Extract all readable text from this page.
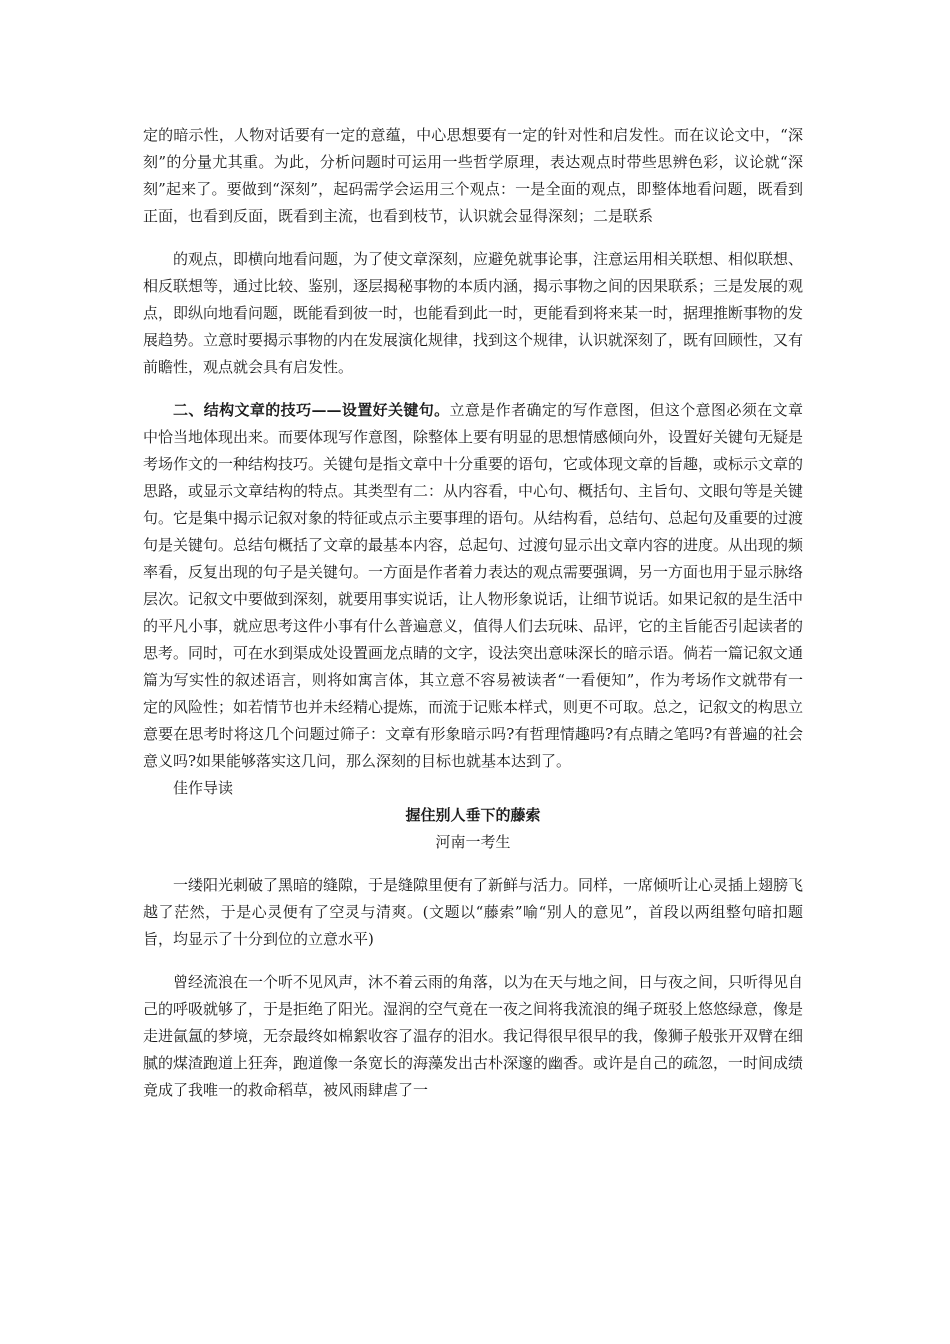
定的暗示性，人物对话要有一定的意蕴，中心思想要有一定的针对性和启发性。而在议论文中，“深刻”的分量尤其重。为此，分析问题时可运用一些哲学原理，表达观点时带些思辨色彩，议论就“深刻”起来了。要做到“深刻”，起码需学会运用三个观点：一是全面的观点，即整体地看问题，既看到正面，也看到反面，既看到主流，也看到枝节，认识就会显得深刻；二是联系

的观点，即横向地看问题，为了使文章深刻，应避免就事论事，注意运用相关联想、相似联想、相反联想等，通过比较、鉴别，逐层揭秘事物的本质内涵，揭示事物之间的因果联系；三是发展的观点，即纵向地看问题，既能看到彼一时，也能看到此一时，更能看到将来某一时，据理推断事物的发展趋势。立意时要揭示事物的内在发展演化规律，找到这个规律，认识就深刻了，既有回顾性，又有前瞻性，观点就会具有启发性。

二、结构文章的技巧——设置好关键句。立意是作者确定的写作意图，但这个意图必须在文章中恰当地体现出来。而要体现写作意图，除整体上要有明显的思想情感倾向外，设置好关键句无疑是考场作文的一种结构技巧。关键句是指文章中十分重要的语句，它或体现文章的旨趣，或标示文章的思路，或显示文章结构的特点。其类型有二：从内容看，中心句、概括句、主旨句、文眼句等是关键句。它是集中揭示记叙对象的特征或点示主要事理的语句。从结构看，总结句、总起句及重要的过渡句是关键句。总结句概括了文章的最基本内容，总起句、过渡句显示出文章内容的进度。从出现的频率看，反复出现的句子是关键句。一方面是作者着力表达的观点需要强调，另一方面也用于显示脉络层次。记叙文中要做到深刻，就要用事实说话，让人物形象说话，让细节说话。如果记叙的是生活中的平凡小事，就应思考这件小事有什么普遍意义，值得人们去玩味、品评，它的主旨能否引起读者的思考。同时，可在水到渠成处设置画龙点睛的文字，设法突出意味深长的暗示语。倘若一篇记叙文通篇为写实性的叙述语言，则将如寓言体，其立意不容易被读者“一看便知”，作为考场作文就带有一定的风险性；如若情节也并未经精心提炼，而流于记账本样式，则更不可取。总之，记叙文的构思立意要在思考时将这几个问题过筛子：文章有形象暗示吗?有哲理情趣吗?有点睛之笔吗?有普遍的社会意义吗?如果能够落实这几问，那么深刻的目标也就基本达到了。

佳作导读

握住别人垂下的藤索

河南一考生

一缕阳光刺破了黑暗的缝隙，于是缝隙里便有了新鲜与活力。同样，一席倾听让心灵插上翅膀飞越了茫然，于是心灵便有了空灵与清爽。(文题以“藤索”喻“别人的意见”，首段以两组整句暗扣题旨，均显示了十分到位的立意水平)

曾经流浪在一个听不见风声，沐不着云雨的角落，以为在天与地之间，日与夜之间，只听得见自己的呼吸就够了，于是拒绝了阳光。湿润的空气竟在一夜之间将我流浪的绳子斑驳上悠悠绿意，像是走进氤氲的梦境，无奈最终如棉絮收容了温存的泪水。我记得很早很早的我，像狮子般张开双臂在细腻的煤渣跑道上狂奔，跑道像一条宽长的海藻发出古朴深邃的幽香。或许是自己的疏忽，一时间成绩竟成了我唯一的救命稻草，被风雨肆虐了一
